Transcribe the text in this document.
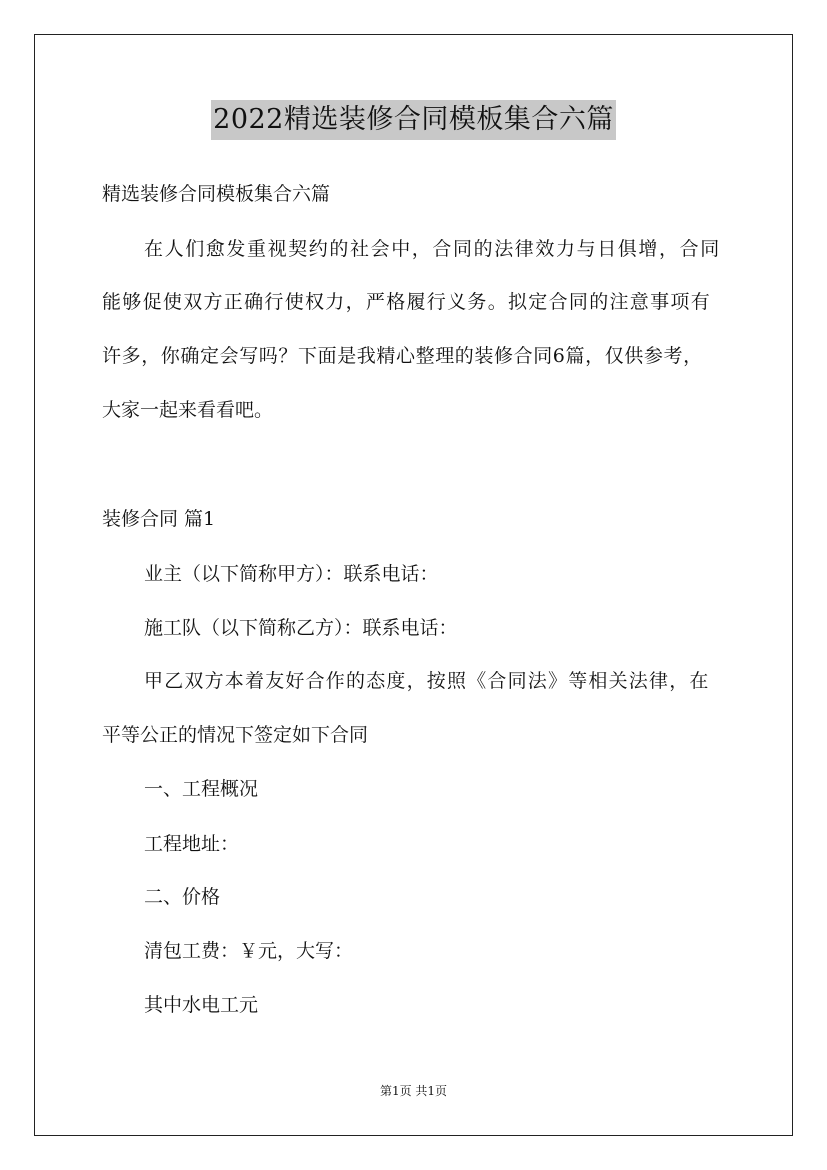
2022精选装修合同模板集合六篇
精选装修合同模板集合六篇
在人们愈发重视契约的社会中，合同的法律效力与日俱增，合同
能够促使双方正确行使权力，严格履行义务。拟定合同的注意事项有
许多，你确定会写吗？下面是我精心整理的装修合同6篇，仅供参考，
大家一起来看看吧。
装修合同 篇1
业主（以下简称甲方）：联系电话：
施工队（以下简称乙方）：联系电话：
甲乙双方本着友好合作的态度，按照《合同法》等相关法律，在
平等公正的情况下签定如下合同
一、工程概况
工程地址：
二、价格
清包工费：￥元，大写：
其中水电工元
第1页 共1页
